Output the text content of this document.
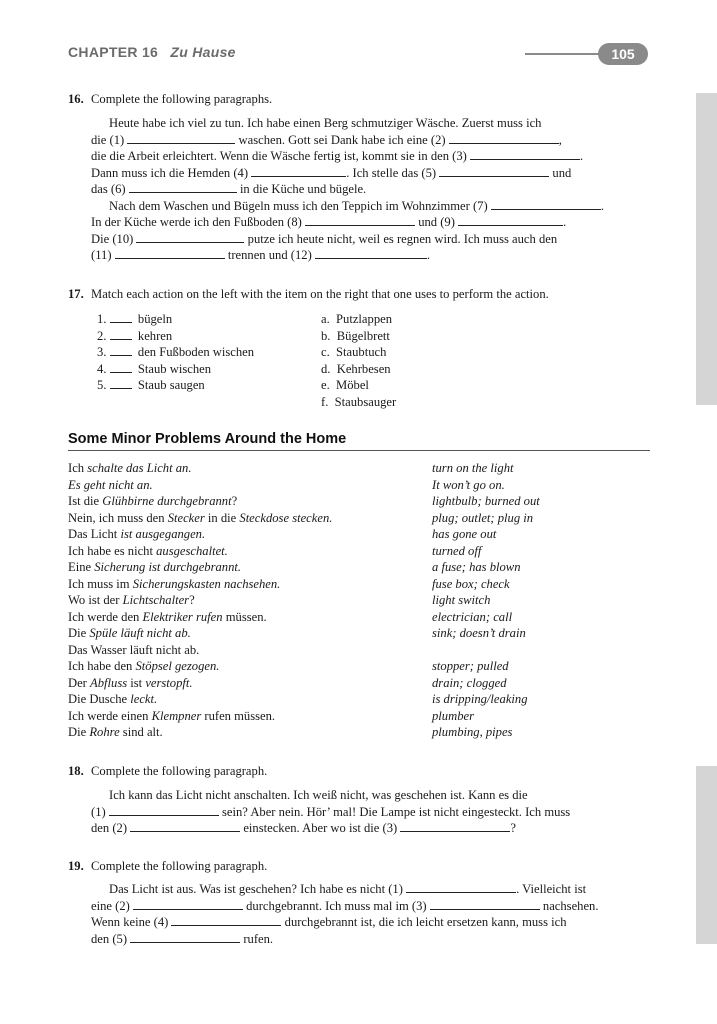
CHAPTER 16 Zu Hause	105
16. Complete the following paragraphs.
Heute habe ich viel zu tun. Ich habe einen Berg schmutziger Wäsche. Zuerst muss ich
die (1)	waschen. Gott sei Dank habe ich eine (2)	,
die die Arbeit erleichtert. Wenn die Wäsche fertig ist, kommt sie in den (3)	.
Dann muss ich die Hemden (4)	. Ich stelle das (5)	und
das (6)	in die Küche und bügele.
Nach dem Waschen und Bügeln muss ich den Teppich im Wohnzimmer (7)	.
In der Küche werde ich den Fußboden (8)	und (9)	.
Die (10)	putze ich heute nicht, weil es regnen wird. Ich muss auch den
(11)	trennen und (12)	.
17. Match each action on the left with the item on the right that one uses to perform the action.
1. bügeln
2. kehren
3. den Fußboden wischen
4. Staub wischen
5. Staub saugen
a. Putzlappen
b. Bügelbrett
c. Staubtuch
d. Kehrbesen
e. Möbel
f. Staubsauger
Some Minor Problems Around the Home
Ich schalte das Licht an.	turn on the light
Es geht nicht an.	It won’t go on.
Ist die Glühbirne durchgebrannt?	lightbulb; burned out
Nein, ich muss den Stecker in die Steckdose stecken.	plug; outlet; plug in
Das Licht ist ausgegangen.	has gone out
Ich habe es nicht ausgeschaltet.	turned off
Eine Sicherung ist durchgebrannt.	a fuse; has blown
Ich muss im Sicherungskasten nachsehen.	fuse box; check
Wo ist der Lichtschalter?	light switch
Ich werde den Elektriker rufen müssen.	electrician; call
Die Spüle läuft nicht ab.	sink; doesn’t drain
Das Wasser läuft nicht ab.
Ich habe den Stöpsel gezogen.	stopper; pulled
Der Abfluss ist verstopft.	drain; clogged
Die Dusche leckt.	is dripping/leaking
Ich werde einen Klempner rufen müssen.	plumber
Die Rohre sind alt.	plumbing, pipes
18. Complete the following paragraph.
Ich kann das Licht nicht anschalten. Ich weiß nicht, was geschehen ist. Kann es die
(1)	sein? Aber nein. Hör’ mal! Die Lampe ist nicht eingesteckt. Ich muss
den (2)	einstecken. Aber wo ist die (3)	?
19. Complete the following paragraph.
Das Licht ist aus. Was ist geschehen? Ich habe es nicht (1)	. Vielleicht ist
eine (2)	durchgebrannt. Ich muss mal im (3)	nachsehen.
Wenn keine (4)	durchgebrannt ist, die ich leicht ersetzen kann, muss ich
den (5)	rufen.
